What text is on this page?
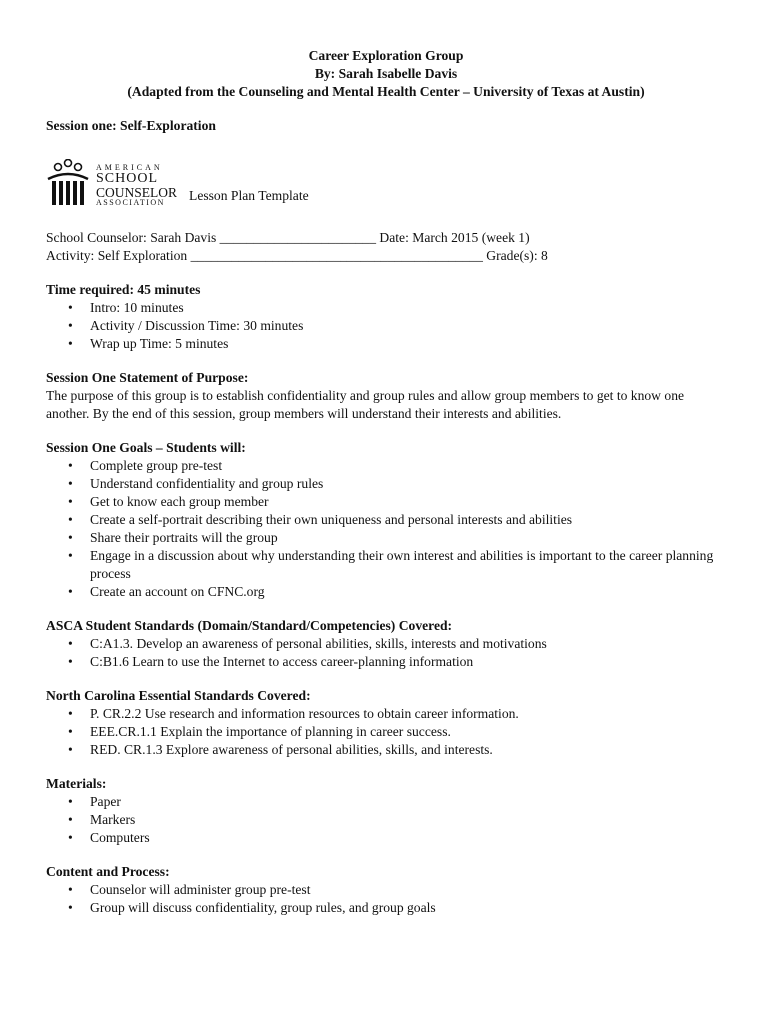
Career Exploration Group
By: Sarah Isabelle Davis
(Adapted from the Counseling and Mental Health Center – University of Texas at Austin)
Session one: Self-Exploration
AMERICAN
SCHOOL
COUNSELOR
ASSOCIATION	Lesson Plan Template
School Counselor: Sarah Davis _______________________ Date: March 2015 (week 1)
Activity: Self Exploration ___________________________________________ Grade(s): 8
Time required: 45 minutes
• Intro: 10 minutes
• Activity / Discussion Time: 30 minutes
• Wrap up Time: 5 minutes
Session One Statement of Purpose:
The purpose of this group is to establish confidentiality and group rules and allow group members to get to know one another. By the end of this session, group members will understand their interests and abilities.
Session One Goals – Students will:
• Complete group pre-test
• Understand confidentiality and group rules
• Get to know each group member
• Create a self-portrait describing their own uniqueness and personal interests and abilities
• Share their portraits will the group
• Engage in a discussion about why understanding their own interest and abilities is important to the career planning process
• Create an account on CFNC.org
ASCA Student Standards (Domain/Standard/Competencies) Covered:
• C:A1.3. Develop an awareness of personal abilities, skills, interests and motivations
• C:B1.6 Learn to use the Internet to access career-planning information
North Carolina Essential Standards Covered:
• P. CR.2.2 Use research and information resources to obtain career information.
• EEE.CR.1.1 Explain the importance of planning in career success.
• RED. CR.1.3 Explore awareness of personal abilities, skills, and interests.
Materials:
• Paper
• Markers
• Computers
Content and Process:
• Counselor will administer group pre-test
• Group will discuss confidentiality, group rules, and group goals
